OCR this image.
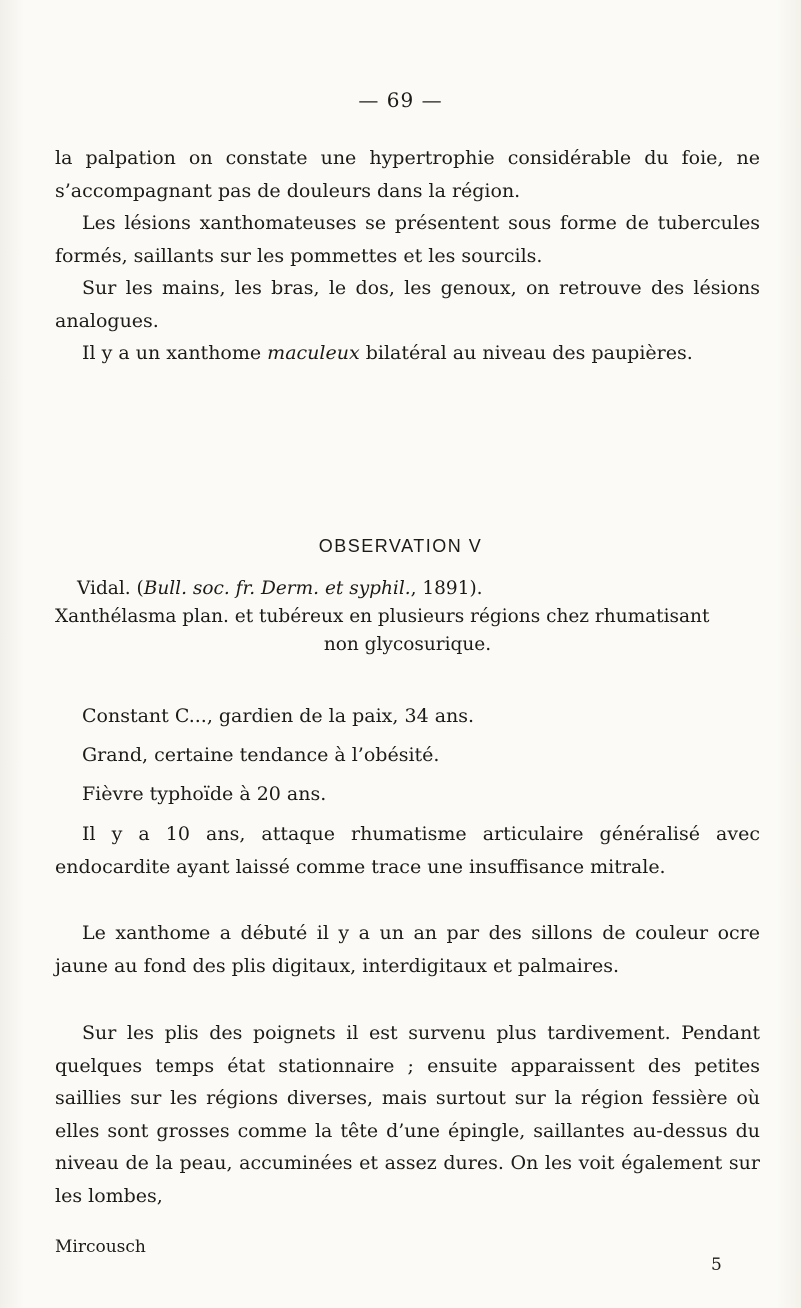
— 69 —

la palpation on constate une hypertrophie considérable du foie, ne s’accompagnant pas de douleurs dans la région.

Les lésions xanthomateuses se présentent sous forme de tubercules formés, saillants sur les pommettes et les sourcils.

Sur les mains, les bras, le dos, les genoux, on retrouve des lésions analogues.

Il y a un xanthome maculeux bilatéral au niveau des paupières.

OBSERVATION V
Vidal. (Bull. soc. fr. Derm. et syphil., 1891).
Xanthélasma plan. et tubéreux en plusieurs régions chez rhumatisant
non glycosurique.

Constant C..., gardien de la paix, 34 ans.

Grand, certaine tendance à l’obésité.

Fièvre typhoïde à 20 ans.

Il y a 10 ans, attaque rhumatisme articulaire généralisé avec endocardite ayant laissé comme trace une insuffisance mitrale.

Le xanthome a débuté il y a un an par des sillons de couleur ocre jaune au fond des plis digitaux, interdigitaux et palmaires.

Sur les plis des poignets il est survenu plus tardivement. Pendant quelques temps état stationnaire ; ensuite apparaissent des petites saillies sur les régions diverses, mais surtout sur la région fessière où elles sont grosses comme la tête d’une épingle, saillantes au-dessus du niveau de la peau, accuminées et assez dures. On les voit également sur les lombes,

Mircousch
5
